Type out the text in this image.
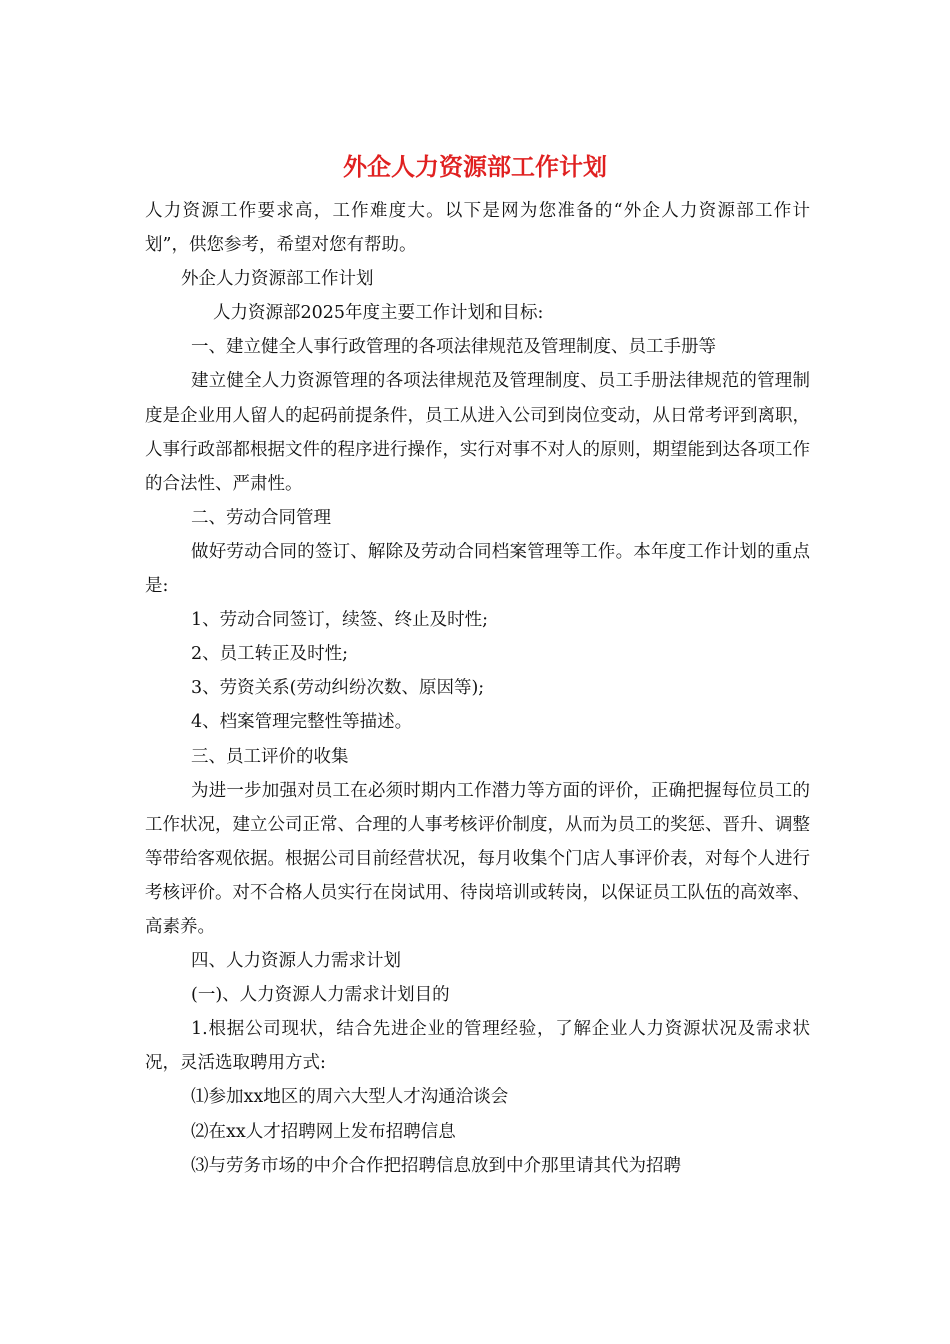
外企人力资源部工作计划

人力资源工作要求高，工作难度大。以下是网为您准备的“外企人力资源部工作计划”，供您参考，希望对您有帮助。

外企人力资源部工作计划

人力资源部2025年度主要工作计划和目标:

一、建立健全人事行政管理的各项法律规范及管理制度、员工手册等

建立健全人力资源管理的各项法律规范及管理制度、员工手册法律规范的管理制度是企业用人留人的起码前提条件，员工从进入公司到岗位变动，从日常考评到离职，人事行政部都根据文件的程序进行操作，实行对事不对人的原则，期望能到达各项工作的合法性、严肃性。

二、劳动合同管理

做好劳动合同的签订、解除及劳动合同档案管理等工作。本年度工作计划的重点是:

1、劳动合同签订，续签、终止及时性;

2、员工转正及时性;

3、劳资关系(劳动纠纷次数、原因等);

4、档案管理完整性等描述。

三、员工评价的收集

为进一步加强对员工在必须时期内工作潜力等方面的评价，正确把握每位员工的工作状况，建立公司正常、合理的人事考核评价制度，从而为员工的奖惩、晋升、调整等带给客观依据。根据公司目前经营状况，每月收集个门店人事评价表，对每个人进行考核评价。对不合格人员实行在岗试用、待岗培训或转岗，以保证员工队伍的高效率、高素养。

四、人力资源人力需求计划

(一)、人力资源人力需求计划目的

1.根据公司现状，结合先进企业的管理经验，了解企业人力资源状况及需求状况，灵活选取聘用方式:

⑴参加xx地区的周六大型人才沟通洽谈会

⑵在xx人才招聘网上发布招聘信息

⑶与劳务市场的中介合作把招聘信息放到中介那里请其代为招聘
